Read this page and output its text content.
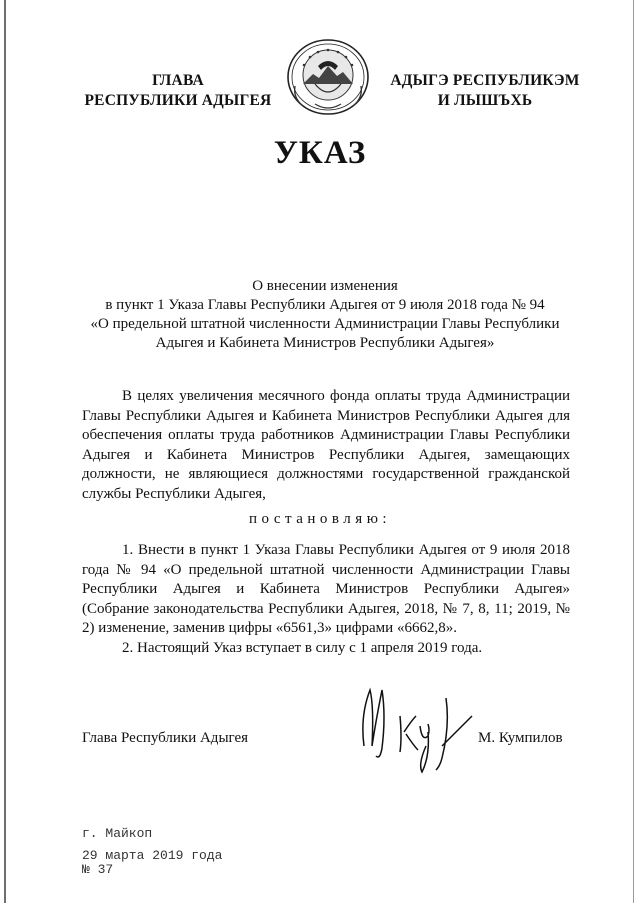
ГЛАВА
РЕСПУБЛИКИ АДЫГЕЯ
АДЫГЭ РЕСПУБЛИКЭМ
И ЛЫШЪХЬ
УКАЗ
О внесении изменения
в пункт 1 Указа Главы Республики Адыгея от 9 июля 2018 года № 94
«О предельной штатной численности Администрации Главы Республики
Адыгея и Кабинета Министров Республики Адыгея»
В целях увеличения месячного фонда оплаты труда Администрации Главы Республики Адыгея и Кабинета Министров Республики Адыгея для обеспечения оплаты труда работников Администрации Главы Республики Адыгея и Кабинета Министров Республики Адыгея, замещающих должности, не являющиеся должностями государственной гражданской службы Республики Адыгея,
постановляю:
1. Внести в пункт 1 Указа Главы Республики Адыгея от 9 июля 2018 года № 94 «О предельной штатной численности Администрации Главы Республики Адыгея и Кабинета Министров Республики Адыгея» (Собрание законодательства Республики Адыгея, 2018, № 7, 8, 11; 2019, № 2) изменение, заменив цифры «6561,3» цифрами «6662,8».
2. Настоящий Указ вступает в силу с 1 апреля 2019 года.
Глава Республики Адыгея	М. Кумпилов
г. Майкоп
29 марта 2019 года
№ 37
